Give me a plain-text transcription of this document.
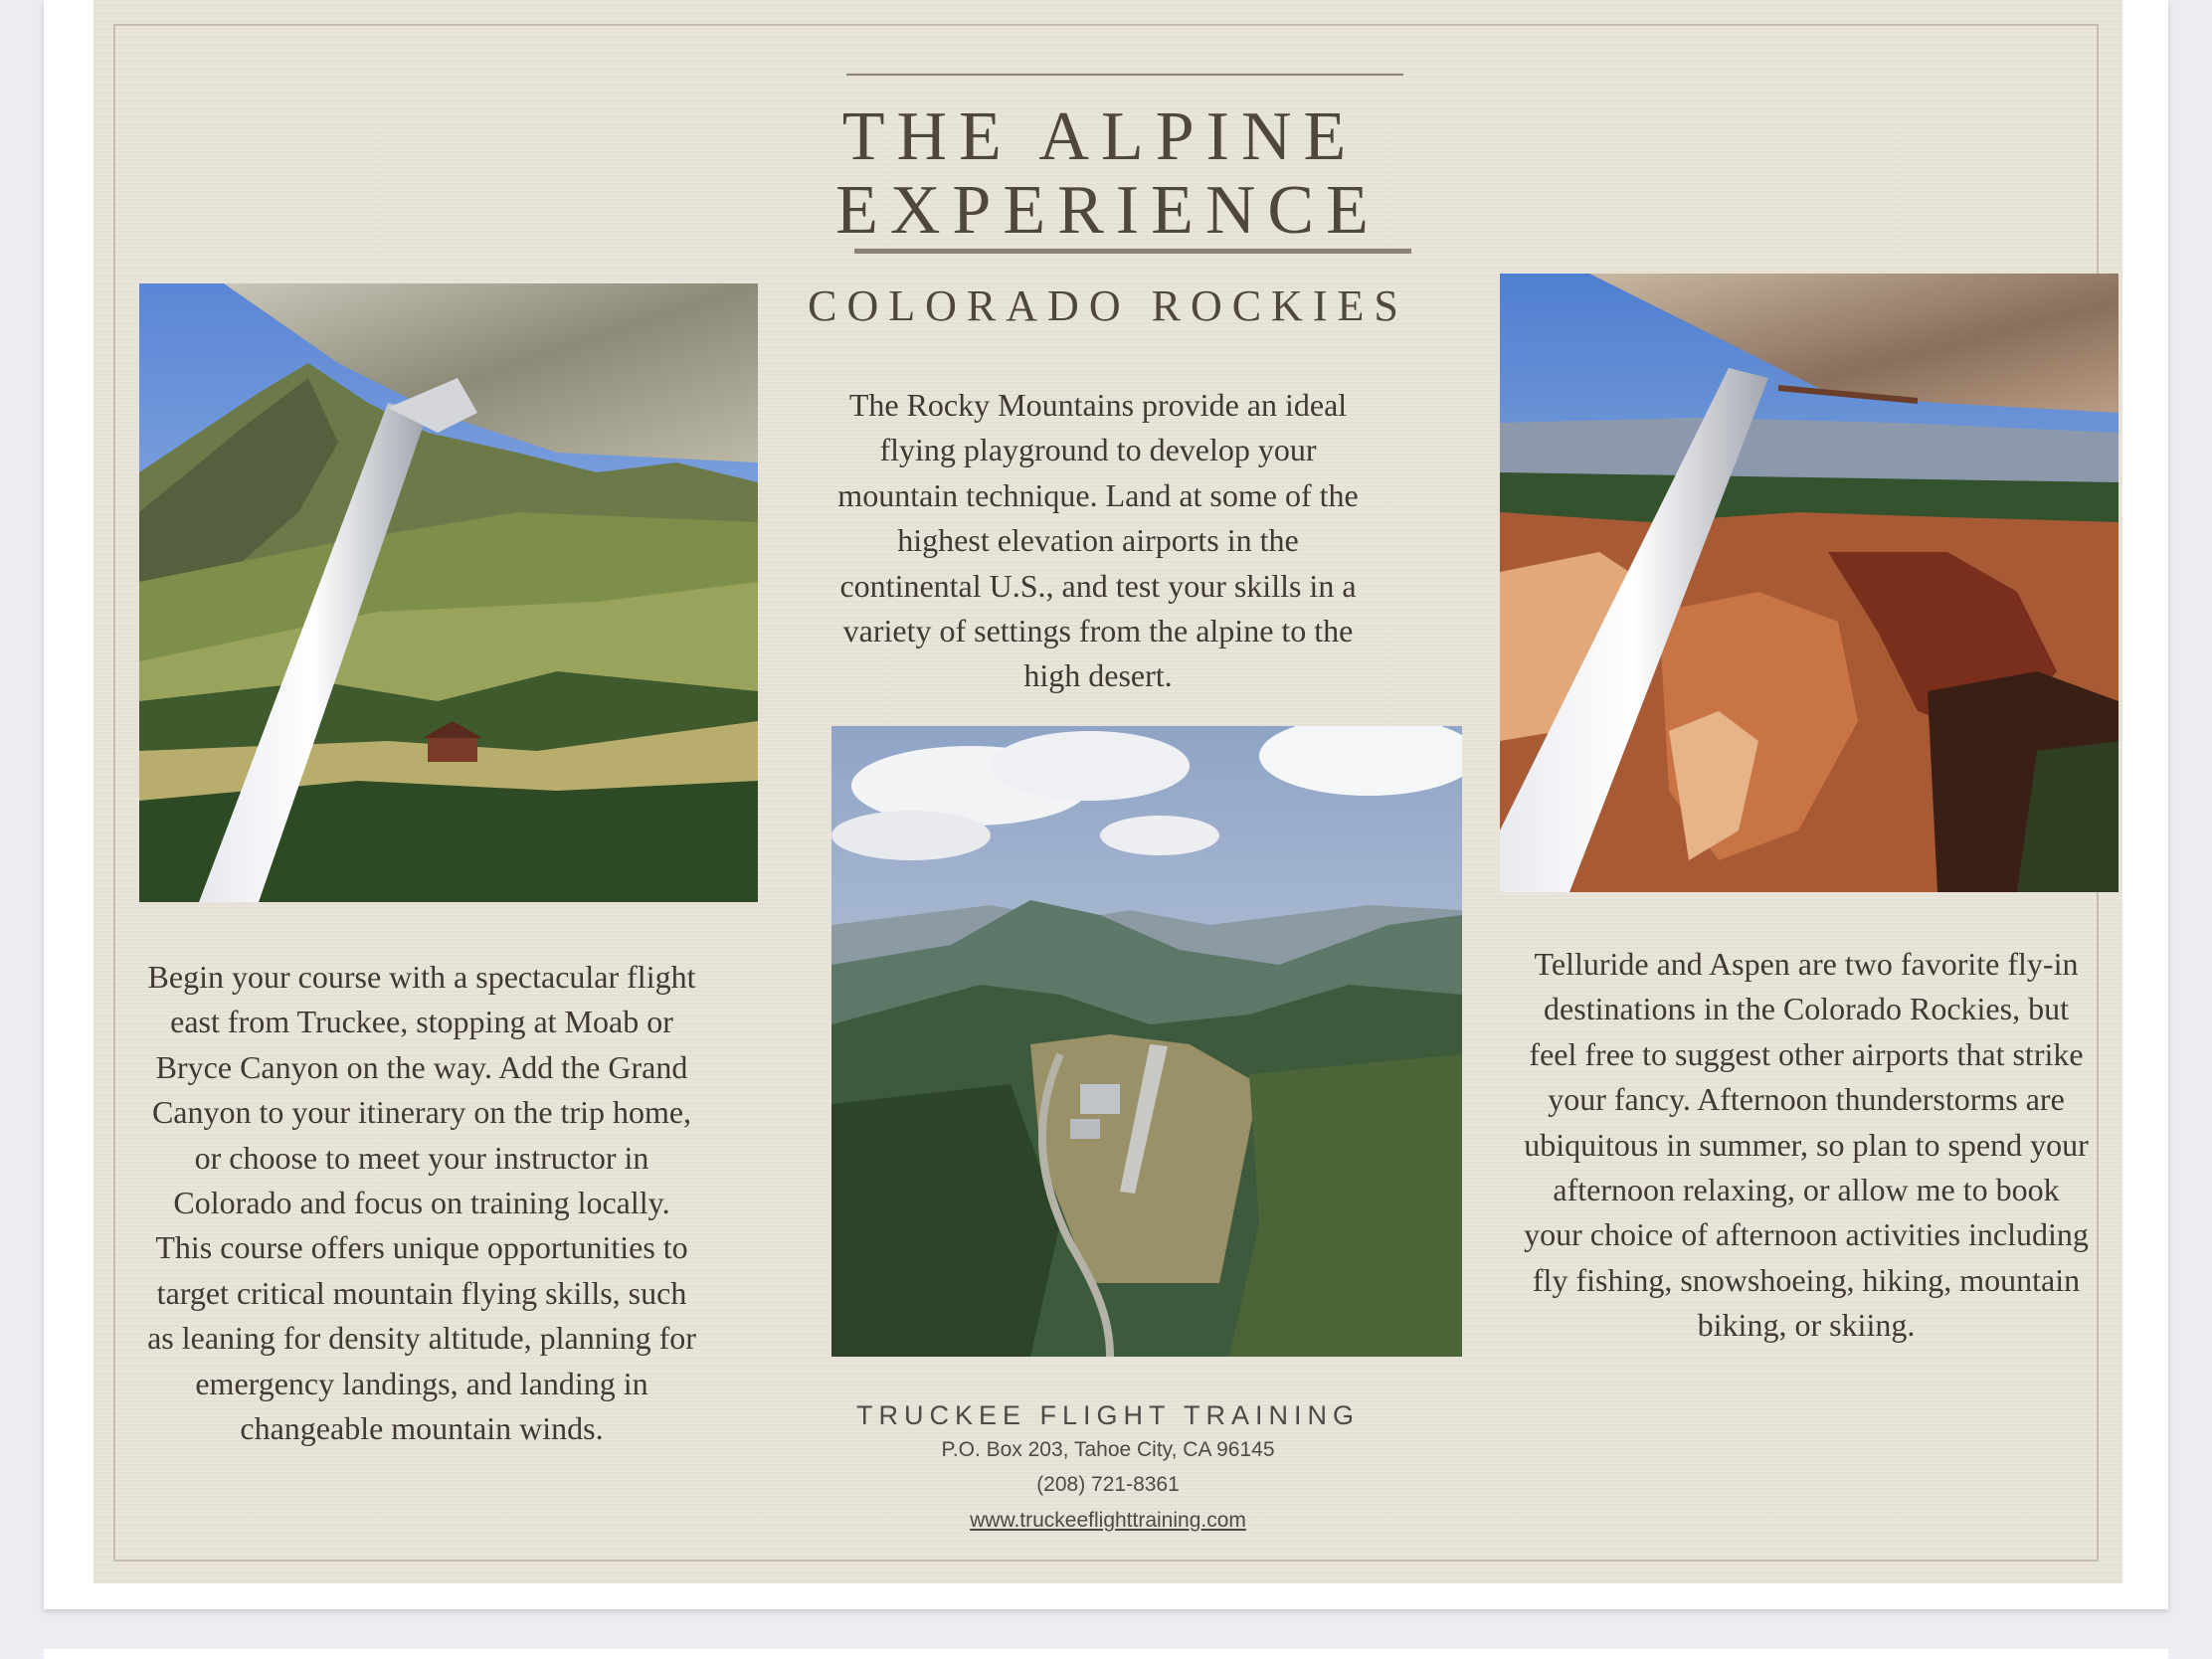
THE ALPINE
EXPERIENCE
COLORADO ROCKIES
The Rocky Mountains provide an ideal
flying playground to develop your
mountain technique. Land at some of the
highest elevation airports in the
continental U.S., and test your skills in a
variety of settings from the alpine to the
high desert.
Begin your course with a spectacular flight
east from Truckee, stopping at Moab or
Bryce Canyon on the way. Add the Grand
Canyon to your itinerary on the trip home,
or choose to meet your instructor in
Colorado and focus on training locally.
This course offers unique opportunities to
target critical mountain flying skills, such
as leaning for density altitude, planning for
emergency landings, and landing in
changeable mountain winds.
Telluride and Aspen are two favorite fly-in
destinations in the Colorado Rockies, but
feel free to suggest other airports that strike
your fancy. Afternoon thunderstorms are
ubiquitous in summer, so plan to spend your
afternoon relaxing, or allow me to book
your choice of afternoon activities including
fly fishing, snowshoeing, hiking, mountain
biking, or skiing.
TRUCKEE FLIGHT TRAINING
P.O. Box 203, Tahoe City, CA 96145
(208) 721-8361
www.truckeeflighttraining.com
